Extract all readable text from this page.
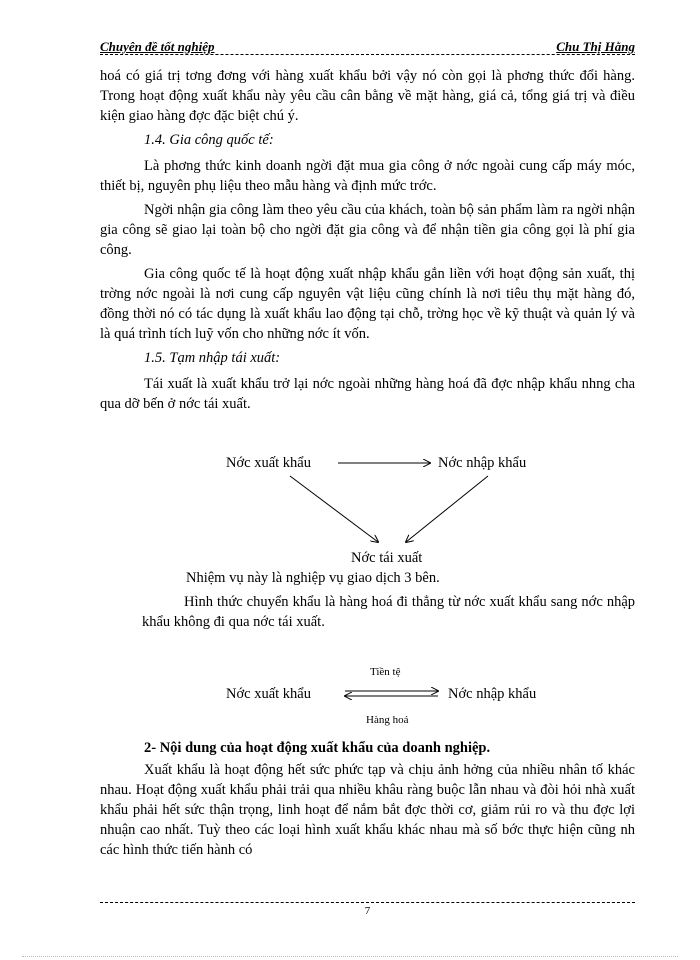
Chuyên đề tốt nghiệp	Chu Thị Hằng

hoá có giá trị tơng đơng với hàng xuất khẩu bởi vậy nó còn gọi là phơng thức đổi hàng. Trong hoạt động xuất khẩu này yêu cầu cân bằng về mặt hàng, giá cả, tổng giá trị và điều kiện giao hàng đợc đặc biệt chú ý.

1.4. Gia công quốc tế:

Là phơng thức kinh doanh ngời đặt mua gia công ở nớc ngoài cung cấp máy móc, thiết bị, nguyên phụ liệu theo mẫu hàng và định mức trớc.

Ngời nhận gia công làm theo yêu cầu của khách, toàn bộ sản phẩm làm ra ngời nhận gia công sẽ giao lại toàn bộ cho ngời đặt gia công và để nhận tiền gia công gọi là phí gia công.

Gia công quốc tế là hoạt động xuất nhập khẩu gắn liền với hoạt động sản xuất, thị trờng nớc ngoài là nơi cung cấp nguyên vật liệu cũng chính là nơi tiêu thụ mặt hàng đó, đồng thời nó có tác dụng là xuất khẩu lao động tại chỗ, trờng học về kỹ thuật và quản lý và là quá trình tích luỹ vốn cho những nớc ít vốn.

1.5. Tạm nhập tái xuất:

Tái xuất là xuất khẩu trở lại nớc ngoài những hàng hoá đã đợc nhập khẩu nhng cha qua dỡ bến ở nớc tái xuất.

Nớc xuất khẩu	Nớc nhập khẩu
Nớc tái xuất

Nhiệm vụ này là nghiệp vụ giao dịch 3 bên.

Hình thức chuyển khẩu là hàng hoá đi thẳng từ nớc xuất khẩu sang nớc nhập khẩu không đi qua nớc tái xuất.

Tiền tệ
Nớc xuất khẩu	Nớc nhập khẩu
Hàng hoá
2- Nội dung của hoạt động xuất khẩu của doanh nghiệp.

Xuất khẩu là hoạt động hết sức phức tạp và chịu ảnh hởng của nhiều nhân tố khác nhau. Hoạt động xuất khẩu phải trải qua nhiều khâu ràng buộc lẫn nhau và đòi hỏi nhà xuất khẩu phải hết sức thận trọng, linh hoạt để nắm bắt đợc thời cơ, giảm rủi ro và thu đợc lợi nhuận cao nhất. Tuỳ theo các loại hình xuất khẩu khác nhau mà số bớc thực hiện cũng nh các hình thức tiến hành có

7
